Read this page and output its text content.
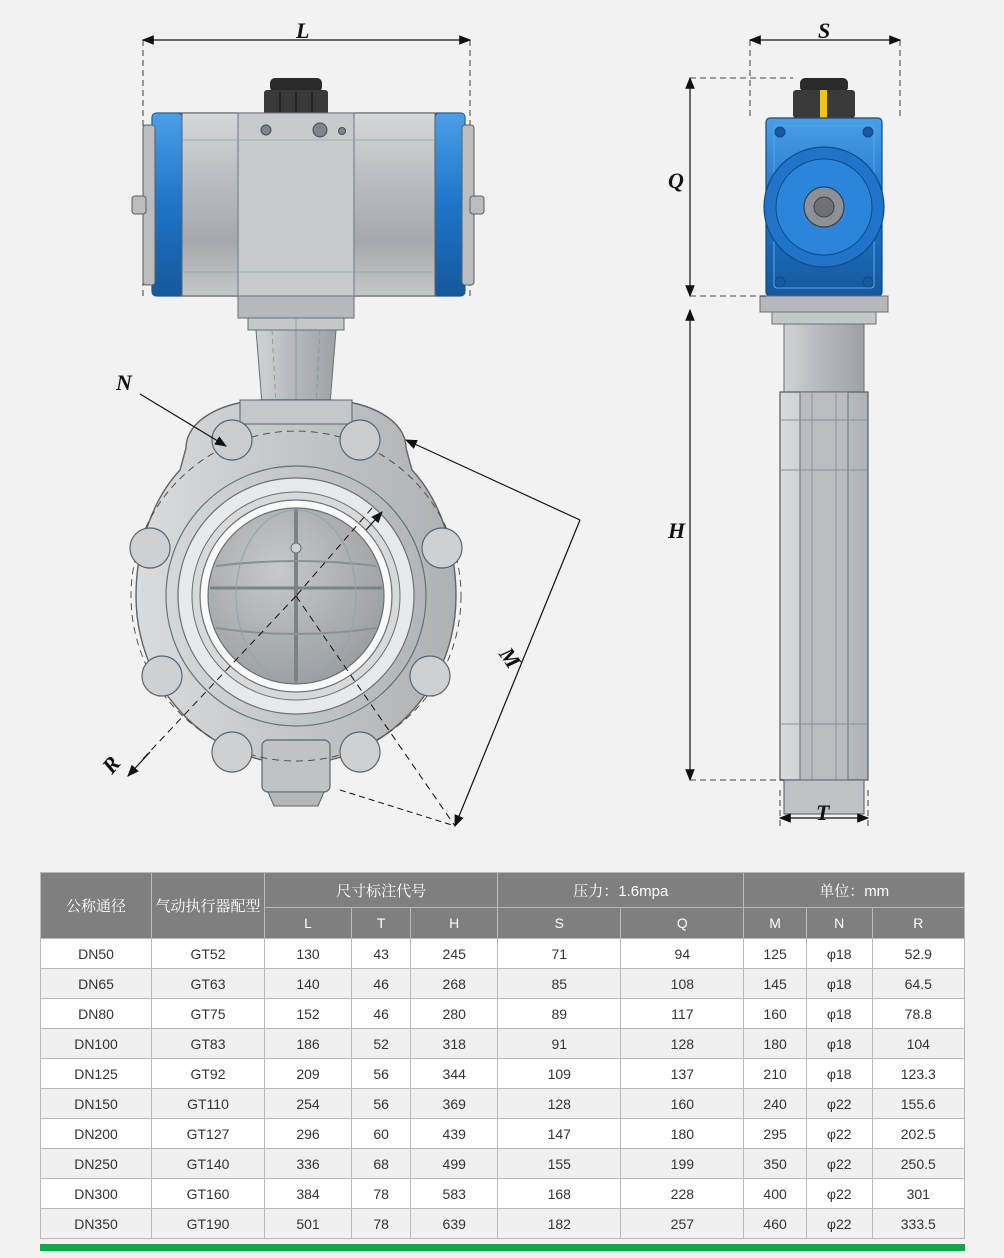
L
N
M
R
S
Q
H
T
公称通径	气动执行器配型	尺寸标注代号			压力：1.6mpa		单位：mm		
		L	T	H	S	Q	M	N	R
DN50	GT52	130	43	245	71	94	125	φ18	52.9
DN65	GT63	140	46	268	85	108	145	φ18	64.5
DN80	GT75	152	46	280	89	117	160	φ18	78.8
DN100	GT83	186	52	318	91	128	180	φ18	104
DN125	GT92	209	56	344	109	137	210	φ18	123.3
DN150	GT110	254	56	369	128	160	240	φ22	155.6
DN200	GT127	296	60	439	147	180	295	φ22	202.5
DN250	GT140	336	68	499	155	199	350	φ22	250.5
DN300	GT160	384	78	583	168	228	400	φ22	301
DN350	GT190	501	78	639	182	257	460	φ22	333.5
